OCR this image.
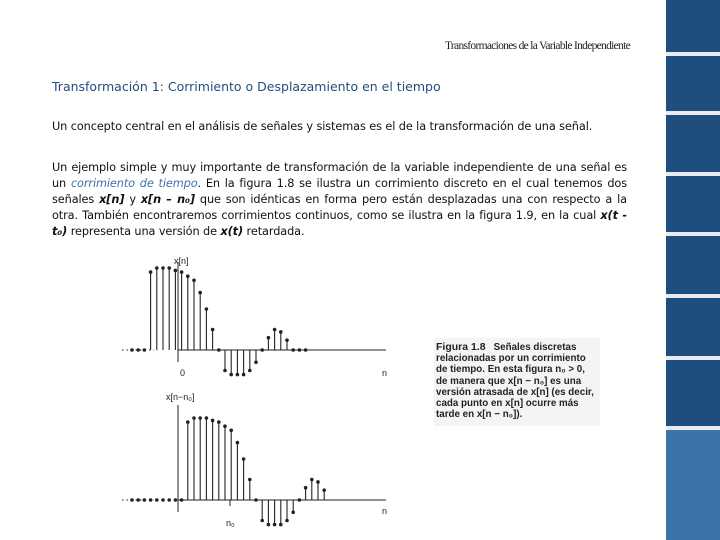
Transformaciones de la Variable Independiente
Transformación 1: Corrimiento o Desplazamiento en el tiempo
Un concepto central en el análisis de señales y sistemas es el de la transformación de una señal.
Un ejemplo simple y muy importante de transformación de la variable independiente de una señal es un corrimiento de tiempo. En la figura 1.8 se ilustra un corrimiento discreto en el cual tenemos dos señales x[n] y x[n – n₀] que son idénticas en forma pero están desplazadas una con respecto a la otra. También encontraremos corrimientos continuos, como se ilustra en la figura 1.9, en la cual x(t - t₀) representa una versión de x(t) retardada.
x[n]
0	n
x[n−n₀]
n₀
n
Figura 1.8 Señales discretas relacionadas por un corrimiento de tiempo. En esta figura n₀ > 0, de manera que x[n − n₀] es una versión atrasada de x[n] (es decir, cada punto en x[n] ocurre más tarde en x[n − n₀]).
